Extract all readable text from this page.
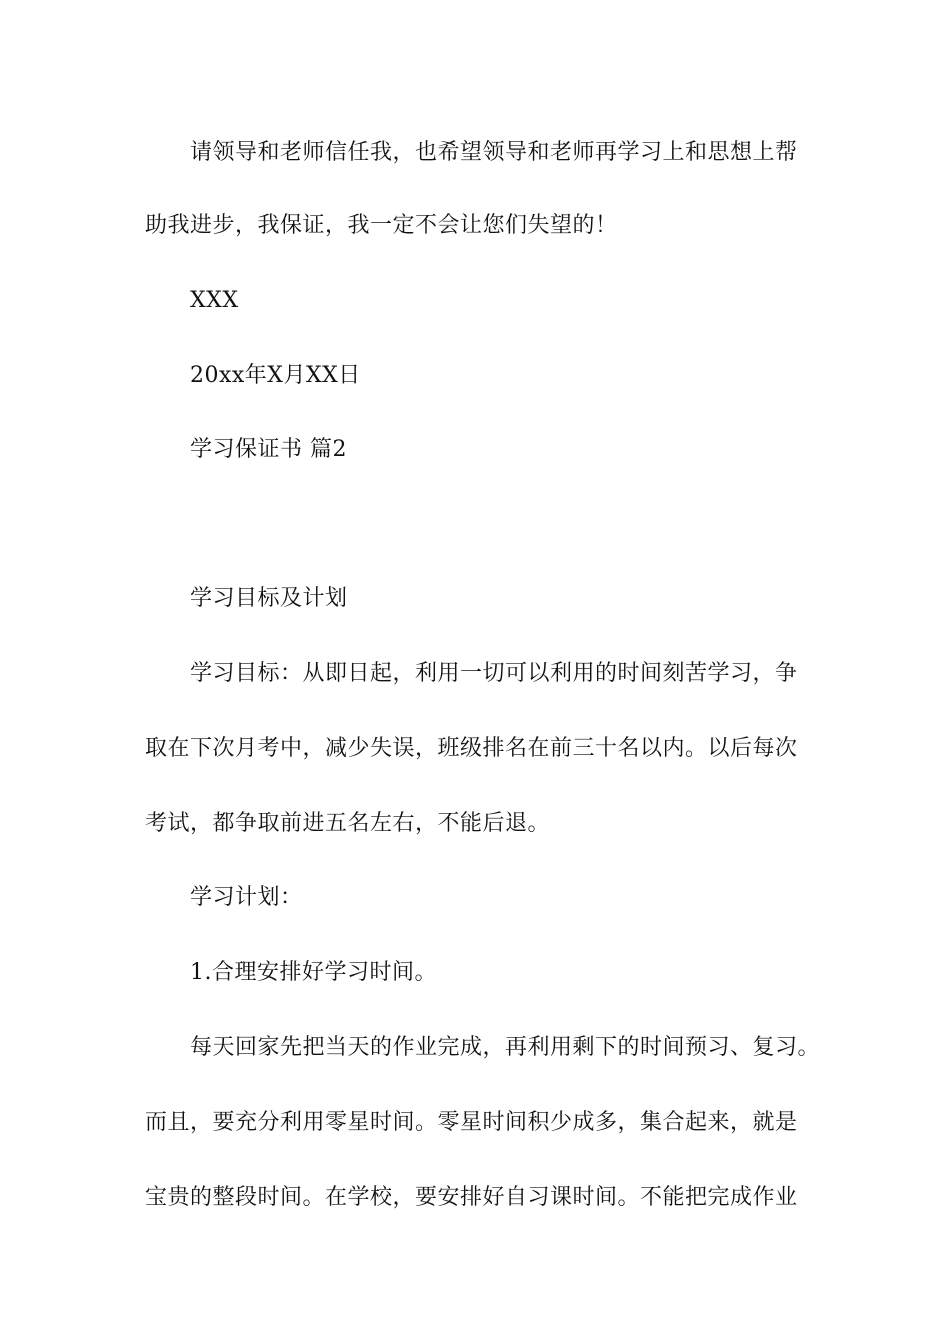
请领导和老师信任我，也希望领导和老师再学习上和思想上帮
助我进步，我保证，我一定不会让您们失望的！
XXX
20xx年X月XX日
学习保证书 篇2
学习目标及计划
学习目标：从即日起，利用一切可以利用的时间刻苦学习，争
取在下次月考中，减少失误，班级排名在前三十名以内。以后每次
考试，都争取前进五名左右，不能后退。
学习计划：
1.合理安排好学习时间。
每天回家先把当天的作业完成，再利用剩下的时间预习、复习。
而且，要充分利用零星时间。零星时间积少成多，集合起来，就是
宝贵的整段时间。在学校，要安排好自习课时间。不能把完成作业
